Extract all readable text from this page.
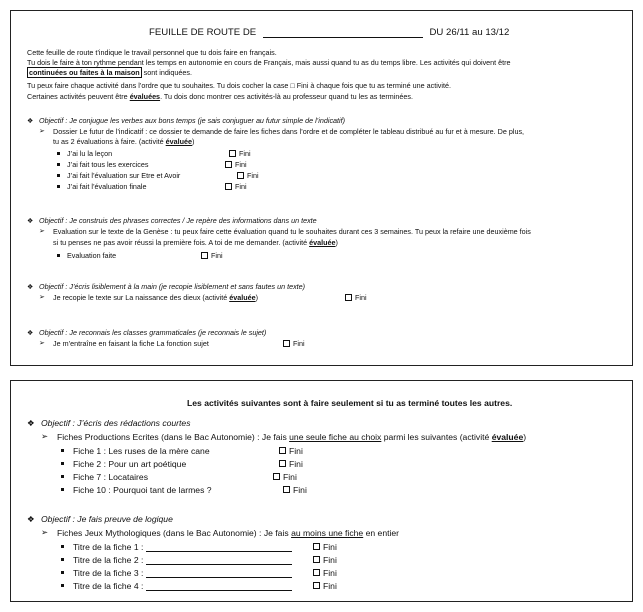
FEUILLE DE ROUTE DE	DU 26/11 au 13/12
Cette feuille de route t’indique le travail personnel que tu dois faire en français.
Tu dois le faire à ton rythme pendant les temps en autonomie en cours de Français, mais aussi quand tu as du temps libre. Les activités qui doivent être
continuées ou faites à la maison sont indiquées.
Tu peux faire chaque activité dans l’ordre que tu souhaites. Tu dois cocher la case □ Fini à chaque fois que tu as terminé une activité.
Certaines activités peuvent être évaluées. Tu dois donc montrer ces activités-là au professeur quand tu les as terminées.
❖ Objectif : Je conjugue les verbes aux bons temps (je sais conjuguer au futur simple de l’indicatif)
➢ Dossier Le futur de l’indicatif : ce dossier te demande de faire les fiches dans l’ordre et de compléter le tableau distribué au fur et à mesure. De plus,
tu as 2 évaluations à faire. (activité évaluée)
J’ai lu la leçon	Fini
J’ai fait tous les exercices	Fini
J’ai fait l’évaluation sur Etre et Avoir	Fini
J’ai fait l’évaluation finale	Fini
❖ Objectif : Je construis des phrases correctes / Je repère des informations dans un texte
➢ Evaluation sur le texte de la Genèse : tu peux faire cette évaluation quand tu le souhaites durant ces 3 semaines. Tu peux la refaire une deuxième fois
si tu penses ne pas avoir réussi la première fois. A toi de me demander. (activité évaluée)
Evaluation faite	Fini
❖ Objectif : J’écris lisiblement à la main (je recopie lisiblement et sans fautes un texte)
➢ Je recopie le texte sur La naissance des dieux (activité évaluée)	Fini
❖ Objectif : Je reconnais les classes grammaticales (je reconnais le sujet)
➢ Je m’entraîne en faisant la fiche La fonction sujet	Fini
Les activités suivantes sont à faire seulement si tu as terminé toutes les autres.
❖ Objectif : J’écris des rédactions courtes
➢ Fiches Productions Ecrites (dans le Bac Autonomie) : Je fais une seule fiche au choix parmi les suivantes (activité évaluée)
Fiche 1 : Les ruses de la mère cane	Fini
Fiche 2 : Pour un art poétique	Fini
Fiche 7 : Locataires	Fini
Fiche 10 : Pourquoi tant de larmes ?	Fini
❖ Objectif : Je fais preuve de logique
➢ Fiches Jeux Mythologiques (dans le Bac Autonomie) : Je fais au moins une fiche en entier
Titre de la fiche 1 :	Fini
Titre de la fiche 2 :	Fini
Titre de la fiche 3 :	Fini
Titre de la fiche 4 :	Fini
